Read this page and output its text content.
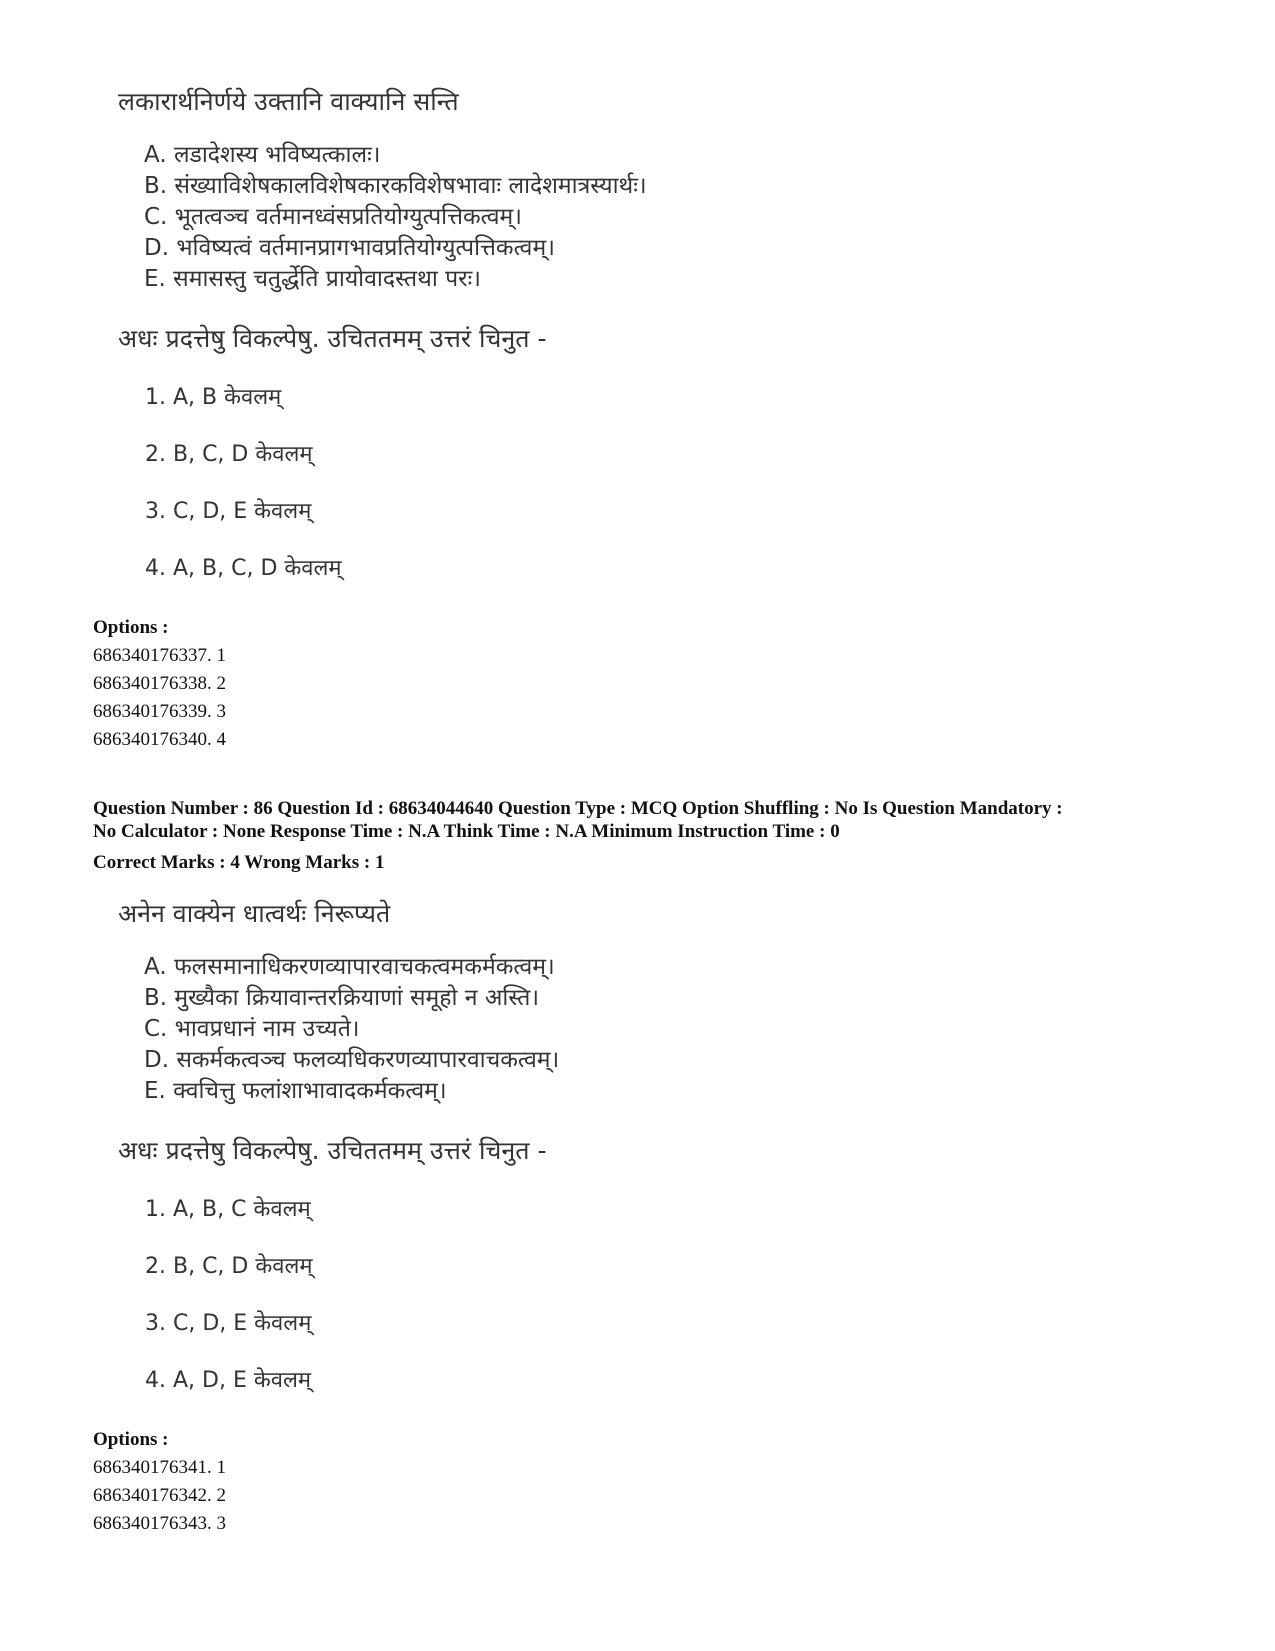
लकारार्थनिर्णये उक्तानि वाक्यानि सन्ति
A. लडादेशस्य भविष्यत्कालः।
B. संख्याविशेषकालविशेषकारकविशेषभावाः लादेशमात्रस्यार्थः।
C. भूतत्वञ्च वर्तमानध्वंसप्रतियोग्युत्पत्तिकत्वम्।
D. भविष्यत्वं वर्तमानप्रागभावप्रतियोग्युत्पत्तिकत्वम्।
E. समासस्तु चतुर्द्धेति प्रायोवादस्तथा परः।
अधः प्रदत्तेषु विकल्पेषु. उचिततमम् उत्तरं चिनुत -
1. A, B केवलम्
2. B, C, D केवलम्
3. C, D, E केवलम्
4. A, B, C, D केवलम्
Options :
686340176337. 1
686340176338. 2
686340176339. 3
686340176340. 4
Question Number : 86 Question Id : 68634044640 Question Type : MCQ Option Shuffling : No Is Question Mandatory :
No Calculator : None Response Time : N.A Think Time : N.A Minimum Instruction Time : 0
Correct Marks : 4 Wrong Marks : 1
अनेन वाक्येन धात्वर्थः निरूप्यते
A. फलसमानाधिकरणव्यापारवाचकत्वमकर्मकत्वम्।
B. मुख्यैका क्रियावान्तरक्रियाणां समूहो न अस्ति।
C. भावप्रधानं नाम उच्यते।
D. सकर्मकत्वञ्च फलव्यधिकरणव्यापारवाचकत्वम्।
E. क्वचित्तु फलांशाभावादकर्मकत्वम्।
अधः प्रदत्तेषु विकल्पेषु. उचिततमम् उत्तरं चिनुत -
1. A, B, C केवलम्
2. B, C, D केवलम्
3. C, D, E केवलम्
4. A, D, E केवलम्
Options :
686340176341. 1
686340176342. 2
686340176343. 3
